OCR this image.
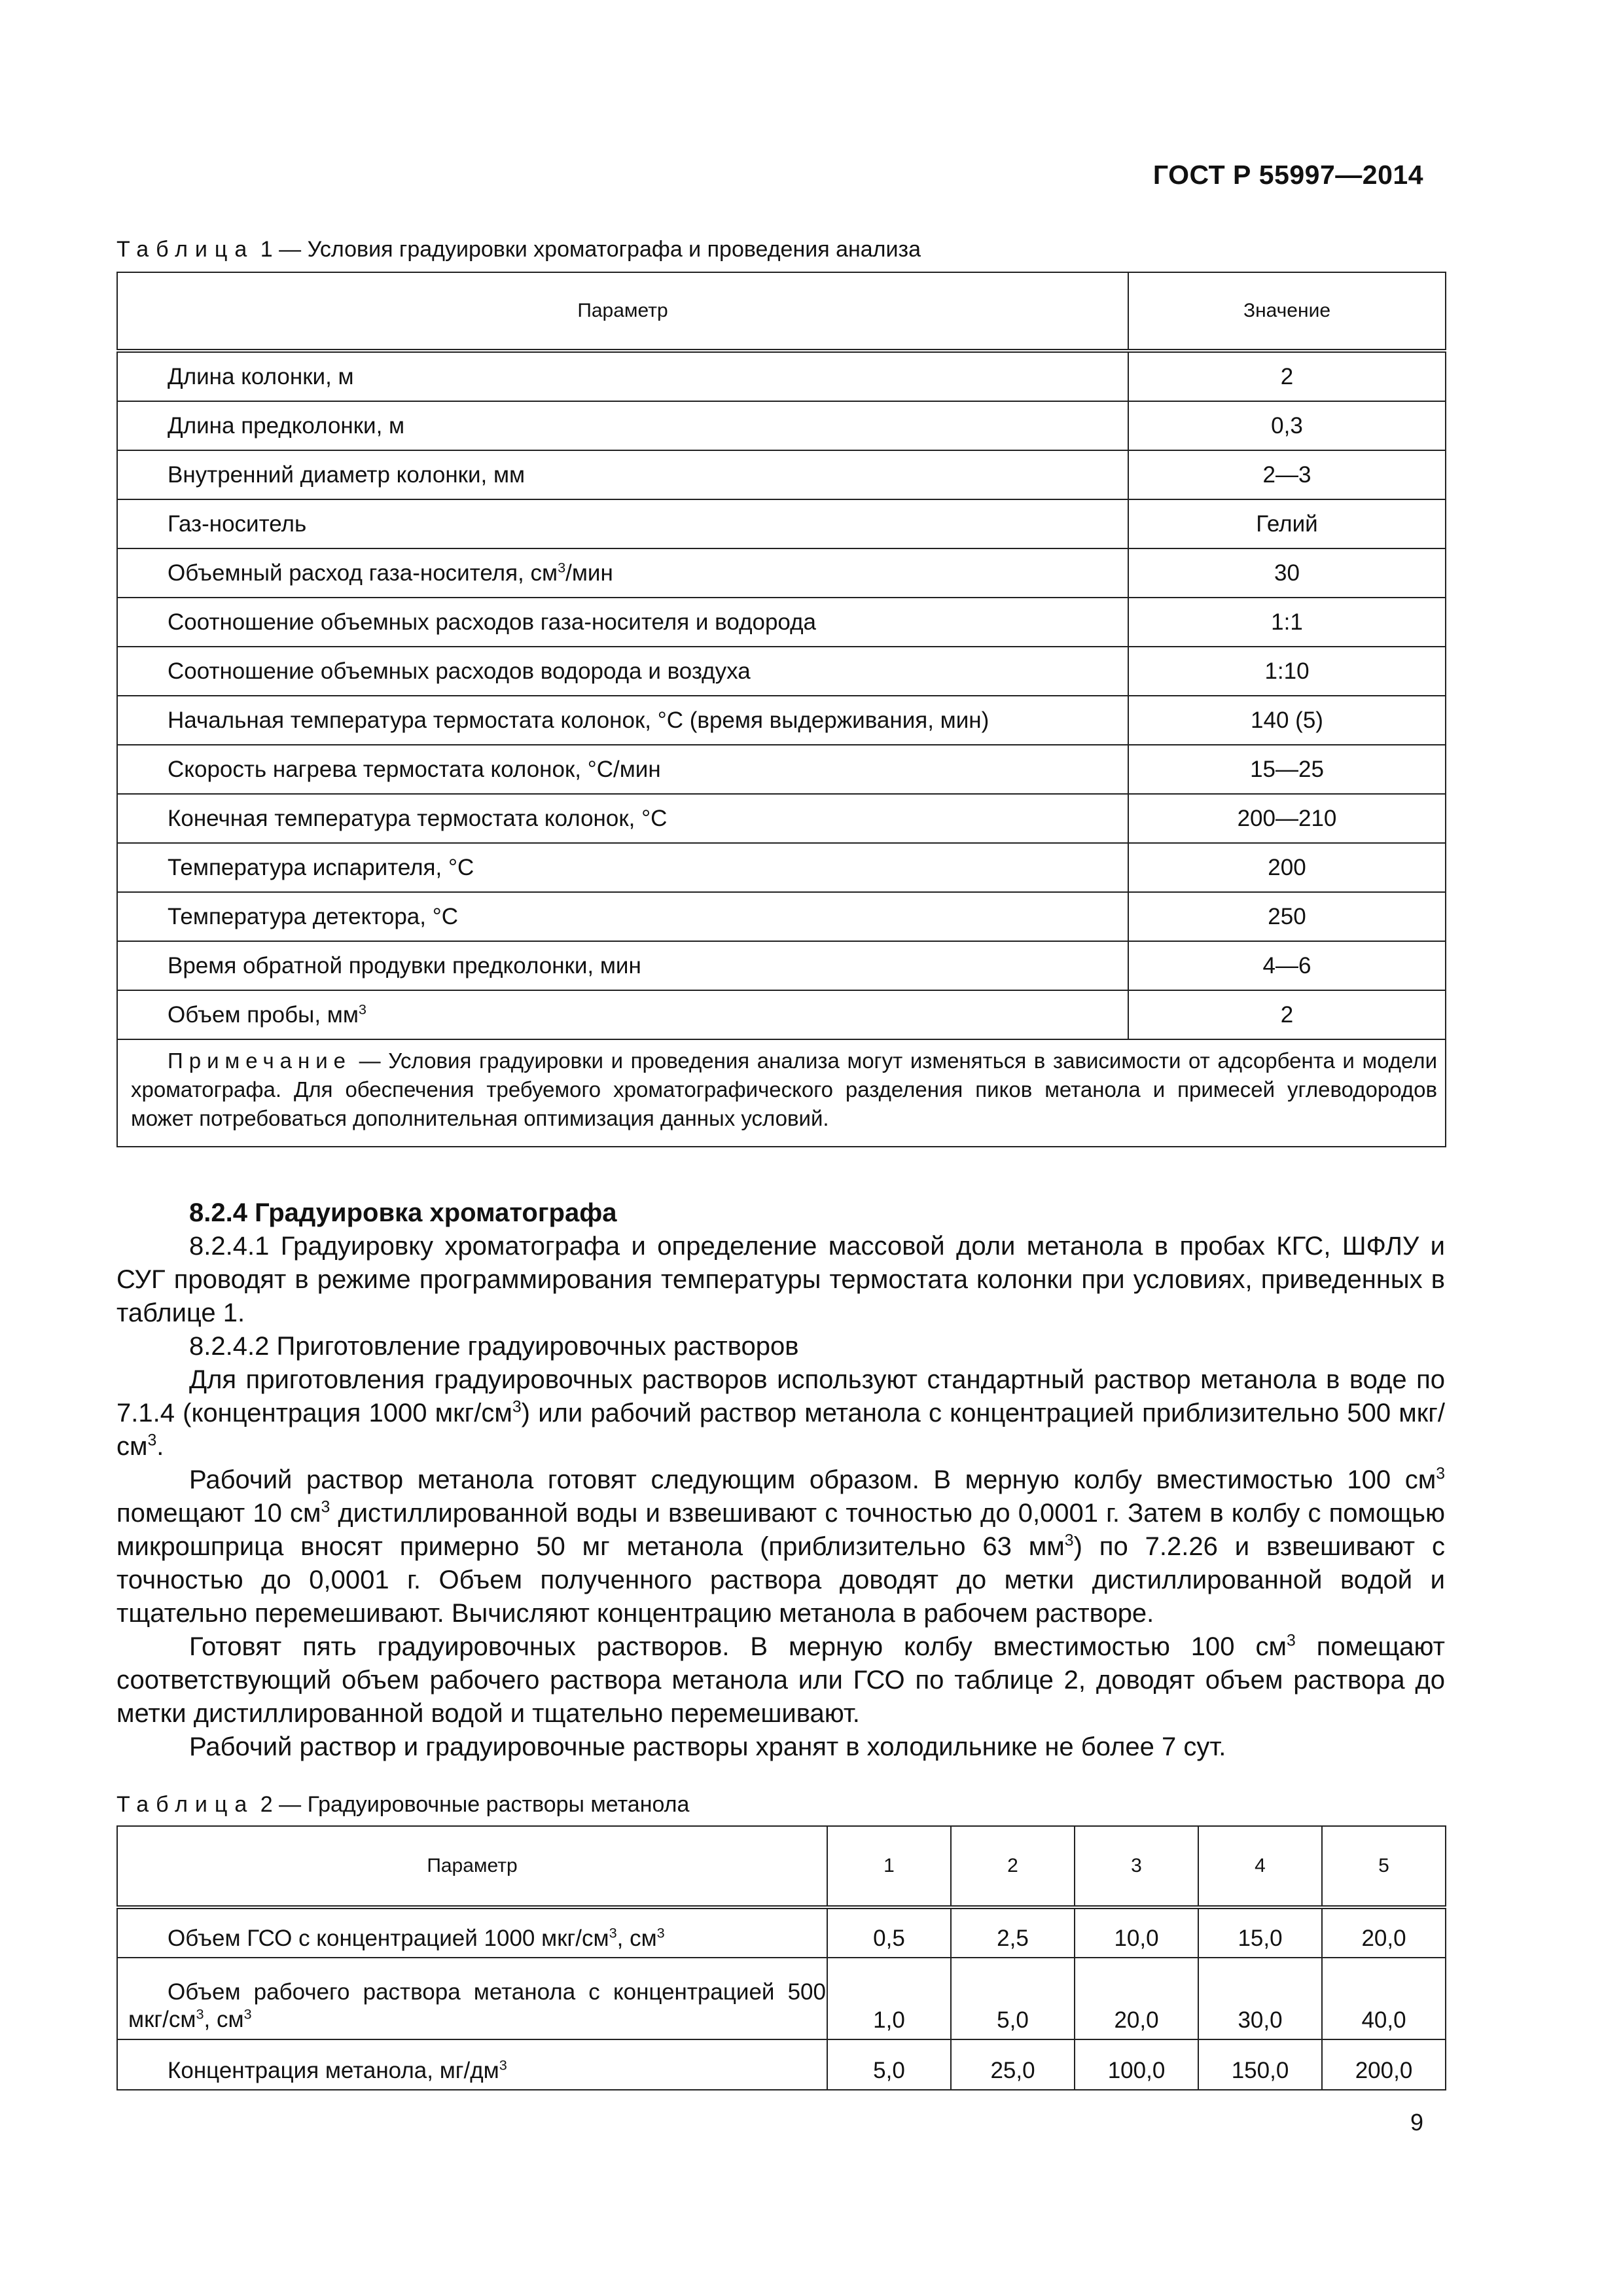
ГОСТ Р 55997—2014
Таблица 1 — Условия градуировки хроматографа и проведения анализа
Параметр	Значение
Длина колонки, м	2
Длина предколонки, м	0,3
Внутренний диаметр колонки, мм	2—3
Газ-носитель	Гелий
Объемный расход газа-носителя, $см^3$/мин	30
Соотношение объемных расходов газа-носителя и водорода	1:1
Соотношение объемных расходов водорода и воздуха	1:10
Начальная температура термостата колонок, °С (время выдерживания, мин)	140 (5)
Скорость нагрева термостата колонок, °С/мин	15—25
Конечная температура термостата колонок, °С	200—210
Температура испарителя, °С	200
Температура детектора, °С	250
Время обратной продувки предколонки, мин	4—6
Объем пробы, $мм^3$	2
Примечание — Условия градуировки и проведения анализа могут изменяться в зависимости от адсорбента и модели хроматографа. Для обеспечения требуемого хроматографического разделения пиков метанола и примесей углеводородов может потребоваться дополнительная оптимизация данных условий.	
8.2.4 Градуировка хроматографа

8.2.4.1 Градуировку хроматографа и определение массовой доли метанола в пробах КГС, ШФЛУ и СУГ проводят в режиме программирования температуры термостата колонки при условиях, приведенных в таблице 1.

8.2.4.2 Приготовление градуировочных растворов

Для приготовления градуировочных растворов используют стандартный раствор метанола в воде по 7.1.4 (концентрация 1000 мкг/$см^3$) или рабочий раствор метанола с концентрацией приблизительно 500 мкг/$см^3$.

Рабочий раствор метанола готовят следующим образом. В мерную колбу вместимостью 100 $см^3$ помещают 10 $см^3$ дистиллированной воды и взвешивают с точностью до 0,0001 г. Затем в колбу с помощью микрошприца вносят примерно 50 мг метанола (приблизительно 63 $мм^3$) по 7.2.26 и взвешивают с точностью до 0,0001 г. Объем полученного раствора доводят до метки дистиллированной водой и тщательно перемешивают. Вычисляют концентрацию метанола в рабочем растворе.

Готовят пять градуировочных растворов. В мерную колбу вместимостью 100 $см^3$ помещают соответствующий объем рабочего раствора метанола или ГСО по таблице 2, доводят объем раствора до метки дистиллированной водой и тщательно перемешивают.

Рабочий раствор и градуировочные растворы хранят в холодильнике не более 7 сут.

Таблица 2 — Градуировочные растворы метанола
Параметр	1	2	3	4	5
Объем ГСО с концентрацией 1000 мкг/$см^3$, $см^3$	0,5	2,5	10,0	15,0	20,0
Объем рабочего раствора метанола с концентрацией 500 мкг/$см^3$, $см^3$	1,0	5,0	20,0	30,0	40,0
Концентрация метанола, $мг/дм^3$	5,0	25,0	100,0	150,0	200,0
9
